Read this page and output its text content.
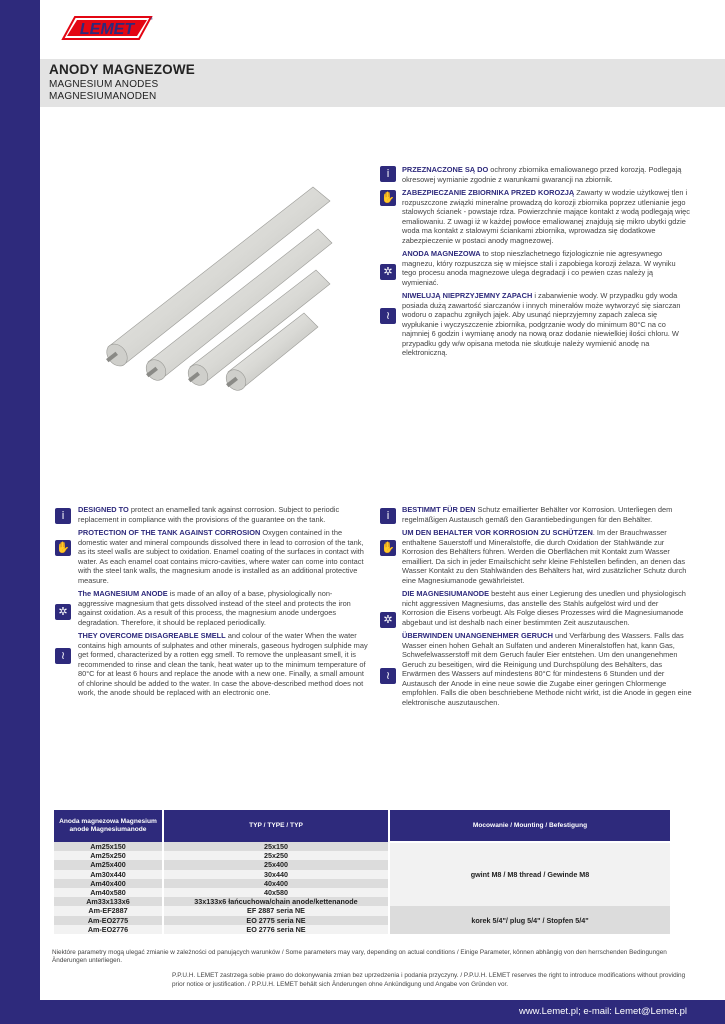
LEMET
®
ANODY MAGNEZOWE
MAGNESIUM ANODES
MAGNESIUMANODEN
i
✋
✲
≀

PRZEZNACZONE SĄ DO ochrony zbiornika emaliowanego przed korozją. Podlegają okresowej wymianie zgodnie z warunkami gwarancji na zbiornik.

ZABEZPIECZANIE ZBIORNIKA PRZED KOROZJĄ Zawarty w wodzie użytkowej tlen i rozpuszczone związki mineralne prowadzą do korozji zbiornika poprzez utlenianie jego stalowych ścianek - powstaje rdza. Powierzchnie mające kontakt z wodą podlegają więc emaliowaniu. Z uwagi iż w każdej powłoce emaliowanej znajdują się mikro ubytki gdzie woda ma kontakt z stalowymi ściankami zbiornika, wprowadza się dodatkowe zabezpieczenie w postaci anody magnezowej.

ANODA MAGNEZOWA to stop nieszlachetnego fizjologicznie nie agresywnego magnezu, który rozpuszcza się w miejsce stali i zapobiega korozji żelaza. W wyniku tego procesu anoda magnezowe ulega degradacji i co pewien czas należy ją wymieniać.

NIWELUJĄ NIEPRZYJEMNY ZAPACH i zabarwienie wody. W przypadku gdy woda posiada dużą zawartość siarczanów i innych minerałów może wytworzyć się siarczan wodoru o zapachu zgniłych jajek. Aby usunąć nieprzyjemny zapach zaleca się wypłukanie i wyczyszczenie zbiornika, podgrzanie wody do minimum 80°C na co najmniej 6 godzin i wymianę anody na nową oraz dodanie niewielkiej ilości chloru. W przypadku gdy w/w opisana metoda nie skutkuje należy wymienić anodę na elektroniczną.

i
✋
✲
≀

DESIGNED TO protect an enamelled tank against corrosion. Subject to periodic replacement in compliance with the provisions of the guarantee on the tank.

PROTECTION OF THE TANK AGAINST CORROSION Oxygen contained in the domestic water and mineral compounds dissolved there in lead to corrosion of the tank, as its steel walls are subject to oxidation. Enamel coating of the surfaces in contact with water. As each enamel coat contains micro-cavities, where water can come into contact with the steel tank walls, the magnesium anode is installed as an additional protective measure.

The MAGNESIUM ANODE is made of an alloy of a base, physiologically non-aggressive magnesium that gets dissolved instead of the steel and protects the iron against oxidation. As a result of this process, the magnesium anode undergoes degradation. Therefore, it should be replaced periodically.

THEY OVERCOME DISAGREABLE SMELL and colour of the water When the water contains high amounts of sulphates and other minerals, gaseous hydrogen sulphide may get formed, characterized by a rotten egg smell. To remove the unpleasant smell, it is recommended to rinse and clean the tank, heat water up to the minimum temperature of 80°C for at least 6 hours and replace the anode with a new one. Finally, a small amount of chlorine should be added to the water. In case the above-described method does not work, the anode should be replaced with an electronic one.

i
✋
✲
≀

BESTIMMT FÜR DEN Schutz emaillierter Behälter vor Korrosion. Unterliegen dem regelmäßigen Austausch gemäß den Garantiebedingungen für den Behälter.

UM DEN BEHALTER VOR KORROSION ZU SCHÜTZEN. Im der Brauchwasser enthaltene Sauerstoff und Mineralstoffe, die durch Oxidation der Stahlwände zur Korrosion des Behälters führen. Werden die Oberflächen mit Kontakt zum Wasser emailliert. Da sich in jeder Emailschicht sehr kleine Fehlstellen befinden, an denen das Wasser Kontakt zu den Stahlwänden des Behälters hat, wird zusätzlicher Schutz durch eine Magnesiumanode gewährleistet.

DIE MAGNESIUMANODE besteht aus einer Legierung des unedlen und physiologisch nicht aggressiven Magnesiums, das anstelle des Stahls aufgelöst wird und der Korrosion die Eisens vorbeugt. Als Folge dieses Prozesses wird die Magnesiumanode abgebaut und ist deshalb nach einer bestimmten Zeit auszutauschen.

ÜBERWINDEN UNANGENEHMER GERUCH und Verfärbung des Wassers. Falls das Wasser einen hohen Gehalt an Sulfaten und anderen Mineralstoffen hat, kann Gas, Schwefelwasserstoff mit dem Geruch fauler Eier entstehen. Um den unangenehmen Geruch zu beseitigen, wird die Reinigung und Durchspülung des Behälters, das Erwärmen des Wassers auf mindestens 80°C für mindestens 6 Stunden und der Austausch der Anode in eine neue sowie die Zugabe einer geringen Chlormenge empfohlen. Falls die oben beschriebene Methode nicht wirkt, ist die Anode in gegen eine elektronische auszutauschen.

Anoda magnezowa Magnesium anode Magnesiumanode	TYP / TYPE / TYP	Mocowanie / Mounting / Befestigung
Am25x150	25x150	gwint M8 / M8 thread / Gewinde M8
Am25x250	25x250	
Am25x400	25x400	
Am30x440	30x440	
Am40x400	40x400	
Am40x580	40x580	
Am33x133x6	33x133x6 łańcuchowa/chain anode/kettenanode	
Am-EF2887	EF 2887 seria NE	korek 5/4"/ plug 5/4" / Stopfen 5/4"
Am-EO2775	EO 2775 seria NE	
Am-EO2776	EO 2776 seria NE	
Niektóre parametry mogą ulegać zmianie w zależności od panujących warunków / Some parameters may vary, depending on actual conditions / Einige Parameter, können abhängig von den herrschenden Bedingungen Änderungen unterliegen.
P.P.U.H. LEMET zastrzega sobie prawo do dokonywania zmian bez uprzedzenia i podania przyczyny. / P.P.U.H. LEMET reserves the right to introduce modifications without providing prior notice or justification. / P.P.U.H. LEMET behält sich Änderungen ohne Ankündigung und Angabe von Gründen vor.
www.Lemet.pl; e-mail: Lemet@Lemet.pl
